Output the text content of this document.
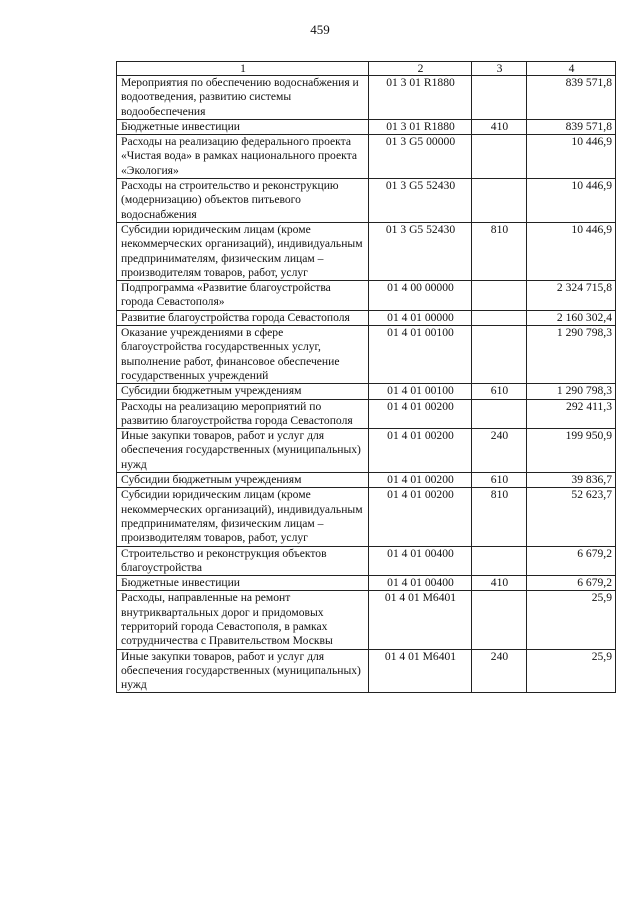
459
1	2	3	4
Мероприятия по обеспечению водоснабжения и водоотведения, развитию системы водообеспечения	01 3 01 R1880		839 571,8
Бюджетные инвестиции	01 3 01 R1880	410	839 571,8
Расходы на реализацию федерального проекта «Чистая вода» в рамках национального проекта «Экология»	01 3 G5 00000		10 446,9
Расходы на строительство и реконструкцию (модернизацию) объектов питьевого водоснабжения	01 3 G5 52430		10 446,9
Субсидии юридическим лицам (кроме некоммерческих организаций), индивидуальным предпринимателям, физическим лицам – производителям товаров, работ, услуг	01 3 G5 52430	810	10 446,9
Подпрограмма «Развитие благоустройства города Севастополя»	01 4 00 00000		2 324 715,8
Развитие благоустройства города Севастополя	01 4 01 00000		2 160 302,4
Оказание учреждениями в сфере благоустройства государственных услуг, выполнение работ, финансовое обеспечение государственных учреждений	01 4 01 00100		1 290 798,3
Субсидии бюджетным учреждениям	01 4 01 00100	610	1 290 798,3
Расходы на реализацию мероприятий по развитию благоустройства города Севастополя	01 4 01 00200		292 411,3
Иные закупки товаров, работ и услуг для обеспечения государственных (муниципальных) нужд	01 4 01 00200	240	199 950,9
Субсидии бюджетным учреждениям	01 4 01 00200	610	39 836,7
Субсидии юридическим лицам (кроме некоммерческих организаций), индивидуальным предпринимателям, физическим лицам – производителям товаров, работ, услуг	01 4 01 00200	810	52 623,7
Строительство и реконструкция объектов благоустройства	01 4 01 00400		6 679,2
Бюджетные инвестиции	01 4 01 00400	410	6 679,2
Расходы, направленные на ремонт внутриквартальных дорог и придомовых территорий города Севастополя, в рамках сотрудничества с Правительством Москвы	01 4 01 M6401		25,9
Иные закупки товаров, работ и услуг для обеспечения государственных (муниципальных) нужд	01 4 01 M6401	240	25,9
